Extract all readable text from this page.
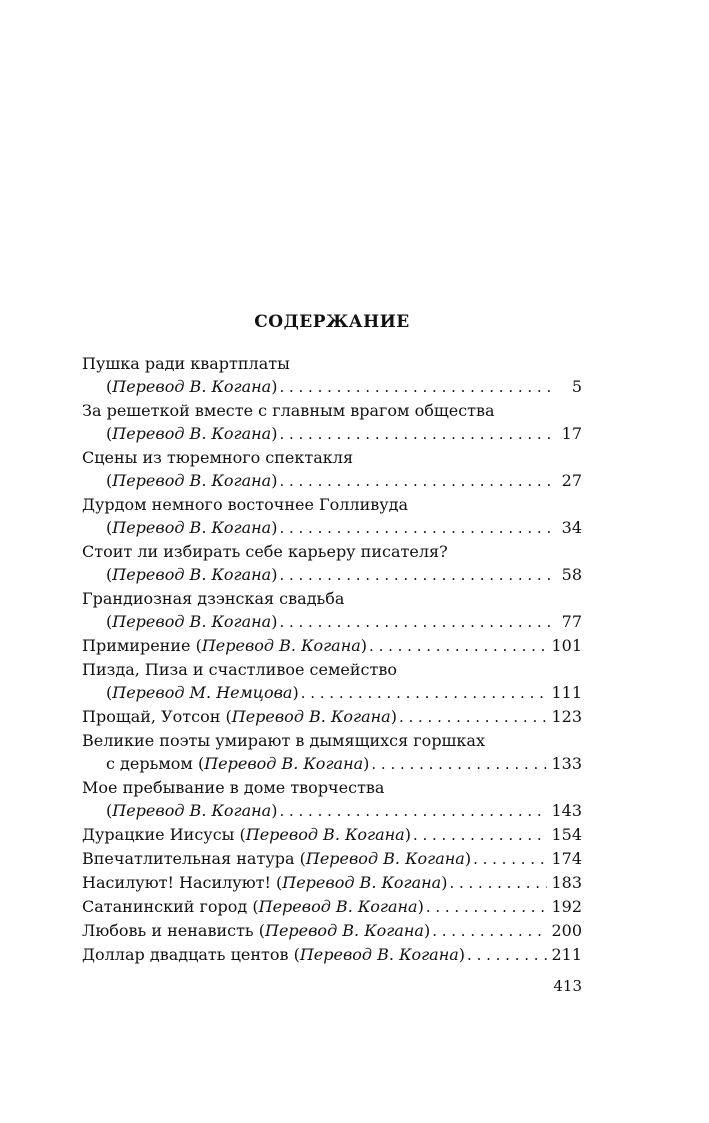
СОДЕРЖАНИЕ
Пушка ради квартплаты
(Перевод В. Когана) . . .	5
За решеткой вместе с главным врагом общества
(Перевод В. Когана) . . .	17
Сцены из тюремного спектакля
(Перевод В. Когана) . . .	27
Дурдом немного восточнее Голливуда
(Перевод В. Когана) . . .	34
Стоит ли избирать себе карьеру писателя?
(Перевод В. Когана) . . .	58
Грандиозная дзэнская свадьба
(Перевод В. Когана) . . .	77
Примирение
(Перевод В. Когана) . . .	101
Пизда, Пиза и счастливое семейство
(Перевод М. Немцова) . . .	111
Прощай, Уотсон
(Перевод В. Когана) . . .	123
Великие поэты умирают в дымящихся горшках
с дерьмом
(Перевод В. Когана) . . .	133
Мое пребывание в доме творчества
(Перевод В. Когана) . . .	143
Дурацкие Иисусы
(Перевод В. Когана) . . .	154
Впечатлительная натура
(Перевод В. Когана) . . .	174
Насилуют! Насилуют!
(Перевод В. Когана) . . .	183
Сатанинский город
(Перевод В. Когана) . . .	192
Любовь и ненависть
(Перевод В. Когана) . . .	200
Доллар двадцать центов
(Перевод В. Когана) . . .	211
413
